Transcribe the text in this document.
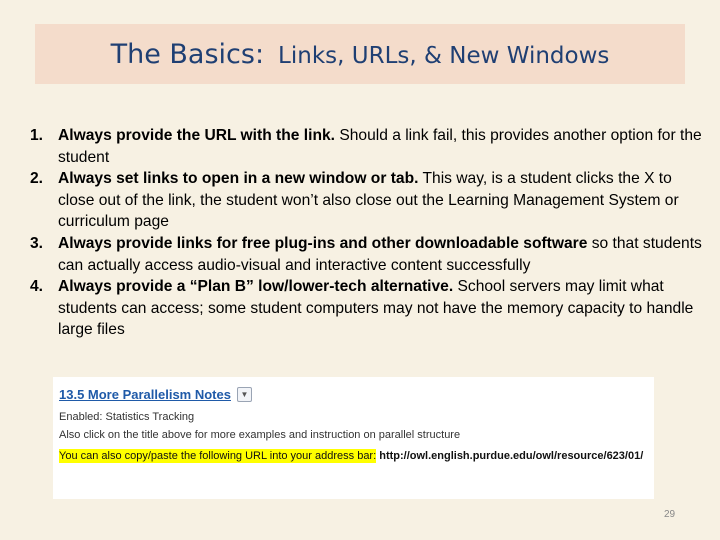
The Basics: Links, URLs, & New Windows
1. Always provide the URL with the link. Should a link fail, this provides another option for the student
2. Always set links to open in a new window or tab. This way, is a student clicks the X to close out of the link, the student won’t also close out the Learning Management System or curriculum page
3. Always provide links for free plug-ins and other downloadable software so that students can actually access audio-visual and interactive content successfully
4. Always provide a “Plan B” low/lower-tech alternative. School servers may limit what students can access; some student computers may not have the memory capacity to handle large files
13.5 More Parallelism Notes	▼
Enabled: Statistics Tracking
Also click on the title above for more examples and instruction on parallel structure
You can also copy/paste the following URL into your address bar: http://owl.english.purdue.edu/owl/resource/623/01/
29
